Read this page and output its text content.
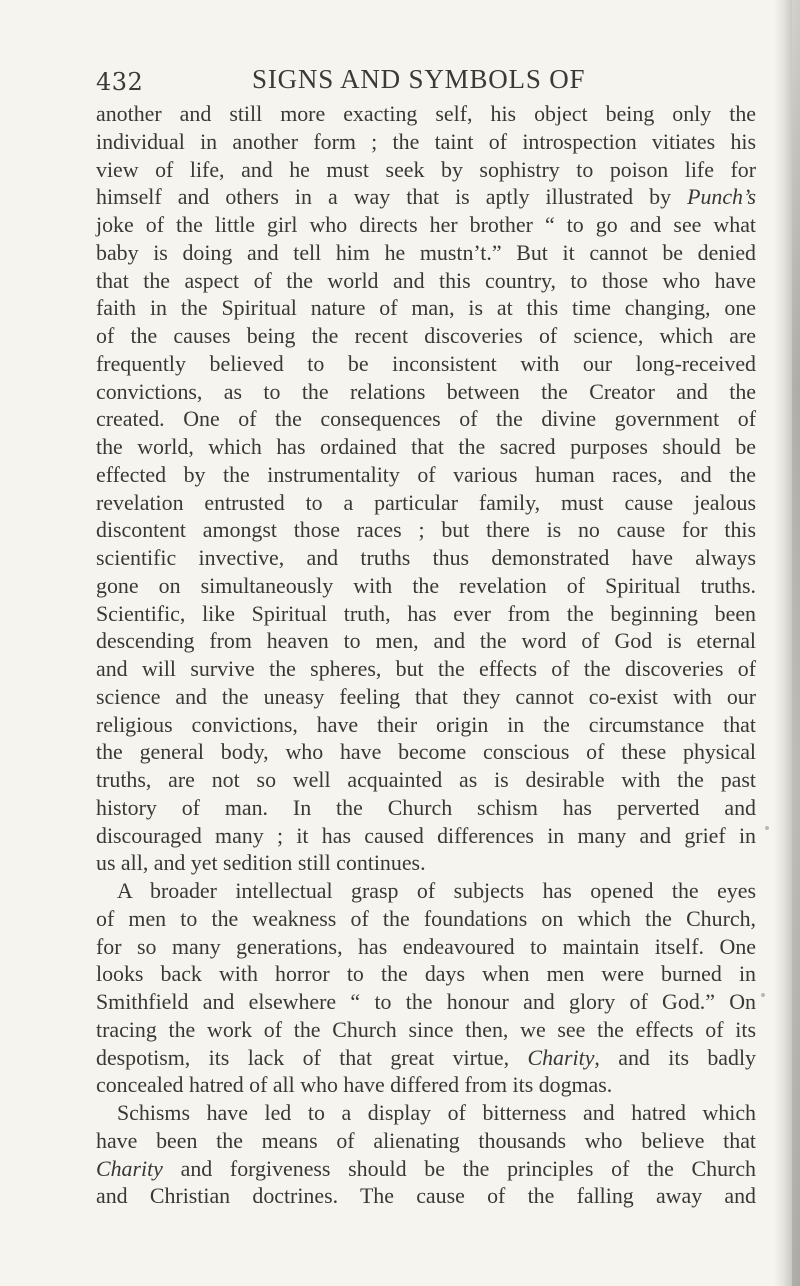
432	SIGNS AND SYMBOLS OF
another and still more exacting self, his object being only the
individual in another form ; the taint of introspection vitiates his
view of life, and he must seek by sophistry to poison life for
himself and others in a way that is aptly illustrated by Punch’s
joke of the little girl who directs her brother “ to go and see what
baby is doing and tell him he mustn’t.” But it cannot be denied
that the aspect of the world and this country, to those who have
faith in the Spiritual nature of man, is at this time changing, one
of the causes being the recent discoveries of science, which are
frequently believed to be inconsistent with our long-received
convictions, as to the relations between the Creator and the
created. One of the consequences of the divine government of
the world, which has ordained that the sacred purposes should be
effected by the instrumentality of various human races, and the
revelation entrusted to a particular family, must cause jealous
discontent amongst those races ; but there is no cause for this
scientific invective, and truths thus demonstrated have always
gone on simultaneously with the revelation of Spiritual truths.
Scientific, like Spiritual truth, has ever from the beginning been
descending from heaven to men, and the word of God is eternal
and will survive the spheres, but the effects of the discoveries of
science and the uneasy feeling that they cannot co-exist with our
religious convictions, have their origin in the circumstance that
the general body, who have become conscious of these physical
truths, are not so well acquainted as is desirable with the past
history of man. In the Church schism has perverted and
discouraged many ; it has caused differences in many and grief in
us all, and yet sedition still continues.
A broader intellectual grasp of subjects has opened the eyes
of men to the weakness of the foundations on which the Church,
for so many generations, has endeavoured to maintain itself. One
looks back with horror to the days when men were burned in
Smithfield and elsewhere “ to the honour and glory of God.” On
tracing the work of the Church since then, we see the effects of its
despotism, its lack of that great virtue, Charity, and its badly
concealed hatred of all who have differed from its dogmas.
Schisms have led to a display of bitterness and hatred which
have been the means of alienating thousands who believe that
Charity and forgiveness should be the principles of the Church
and Christian doctrines. The cause of the falling away and
